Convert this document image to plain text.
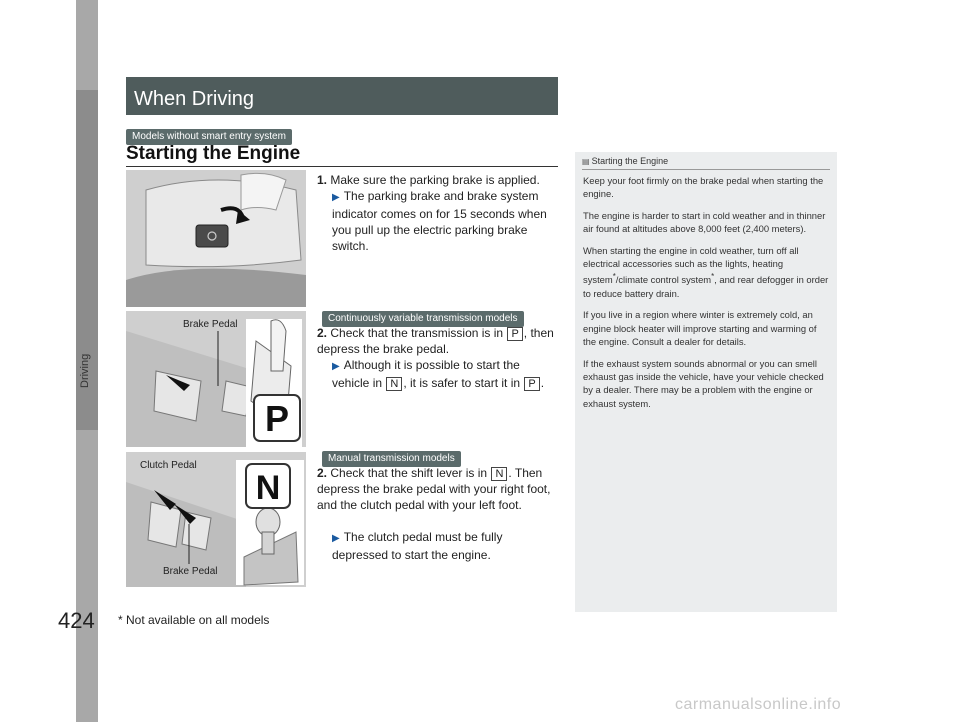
Driving
When Driving
Models without smart entry system
Starting the Engine
1. Make sure the parking brake is applied.
▶ The parking brake and brake system indicator comes on for 15 seconds when you pull up the electric parking brake switch.
Continuously variable transmission models
P
Brake Pedal
2. Check that the transmission is in P , then depress the brake pedal.
▶ Although it is possible to start the vehicle in N , it is safer to start it in P .
Manual transmission models
N
Clutch Pedal
Brake Pedal
2. Check that the shift lever is in N . Then depress the brake pedal with your right foot, and the clutch pedal with your left foot.
▶ The clutch pedal must be fully depressed to start the engine.
▤ Starting the Engine

Keep your foot firmly on the brake pedal when starting the engine.

The engine is harder to start in cold weather and in thinner air found at altitudes above 8,000 feet (2,400 meters).

When starting the engine in cold weather, turn off all electrical accessories such as the lights, heating system*/climate control system*, and rear defogger in order to reduce battery drain.

If you live in a region where winter is extremely cold, an engine block heater will improve starting and warming of the engine. Consult a dealer for details.

If the exhaust system sounds abnormal or you can smell exhaust gas inside the vehicle, have your vehicle checked by a dealer. There may be a problem with the engine or exhaust system.

424 * Not available on all models
carmanualsonline.info
